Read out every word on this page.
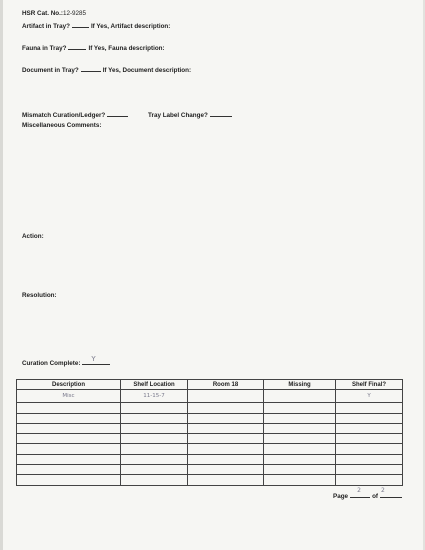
HSR Cat. No.:12-9285
Artifact in Tray?	If Yes, Artifact description:
Fauna in Tray?	If Yes, Fauna description:
Document in Tray?	If Yes, Document description:
Mismatch Curation/Ledger?	Tray Label Change?
Miscellaneous Comments:
Action:
Resolution:
Curation Complete:
Y
Description	Shelf Location	Room 18	Missing	Shelf Final?
Misc	11-15-7			Y

Page
2
of
2
